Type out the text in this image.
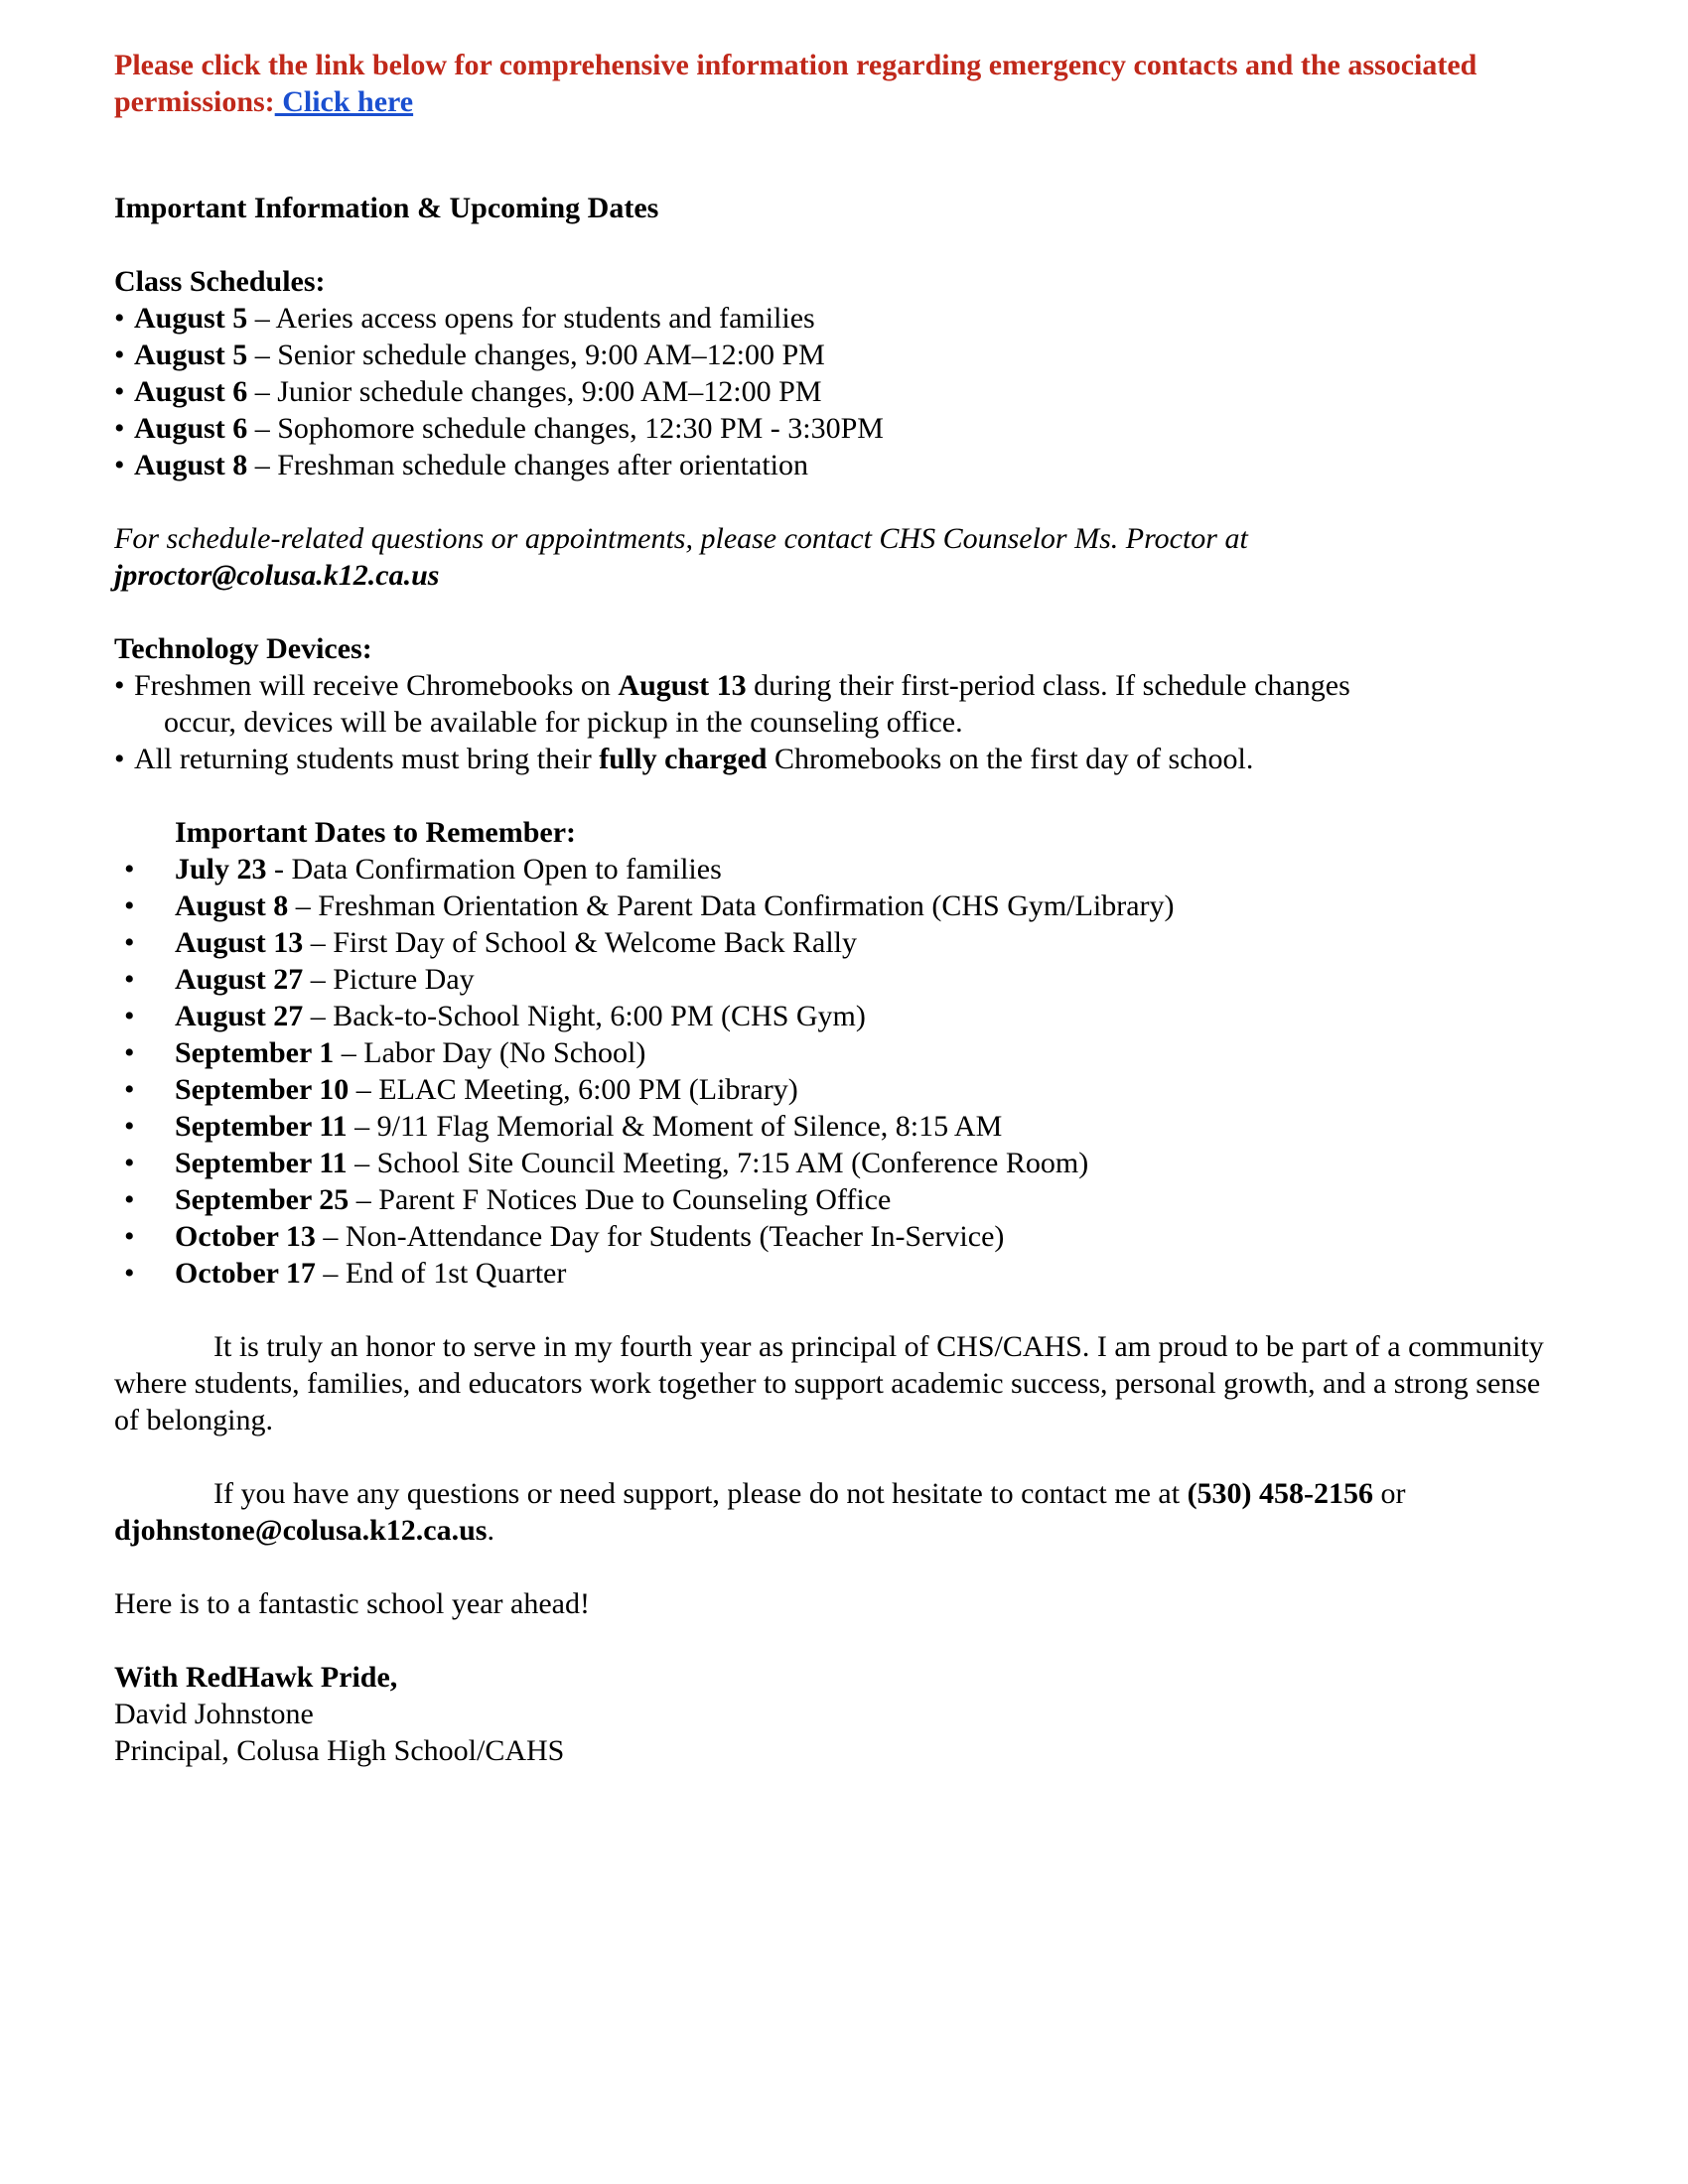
Please click the link below for comprehensive information regarding emergency contacts and the associated permissions: Click here

Important Information & Upcoming Dates

Class Schedules:

• August 5 – Aeries access opens for students and families
• August 5 – Senior schedule changes, 9:00 AM–12:00 PM
• August 6 – Junior schedule changes, 9:00 AM–12:00 PM
• August 6 – Sophomore schedule changes, 12:30 PM - 3:30PM
• August 8 – Freshman schedule changes after orientation

For schedule-related questions or appointments, please contact CHS Counselor Ms. Proctor at

jproctor@colusa.k12.ca.us

Technology Devices:

• Freshmen will receive Chromebooks on August 13 during their first-period class. If schedule changes
occur, devices will be available for pickup in the counseling office.
• All returning students must bring their fully charged Chromebooks on the first day of school.

Important Dates to Remember:

• July 23 - Data Confirmation Open to families
• August 8 – Freshman Orientation & Parent Data Confirmation (CHS Gym/Library)
• August 13 – First Day of School & Welcome Back Rally
• August 27 – Picture Day
• August 27 – Back-to-School Night, 6:00 PM (CHS Gym)
• September 1 – Labor Day (No School)
• September 10 – ELAC Meeting, 6:00 PM (Library)
• September 11 – 9/11 Flag Memorial & Moment of Silence, 8:15 AM
• September 11 – School Site Council Meeting, 7:15 AM (Conference Room)
• September 25 – Parent F Notices Due to Counseling Office
• October 13 – Non-Attendance Day for Students (Teacher In-Service)
• October 17 – End of 1st Quarter

It is truly an honor to serve in my fourth year as principal of CHS/CAHS. I am proud to be part of a community where students, families, and educators work together to support academic success, personal growth, and a strong sense of belonging.

If you have any questions or need support, please do not hesitate to contact me at (530) 458-2156 or djohnstone@colusa.k12.ca.us.

Here is to a fantastic school year ahead!

With RedHawk Pride,

David Johnstone

Principal, Colusa High School/CAHS
